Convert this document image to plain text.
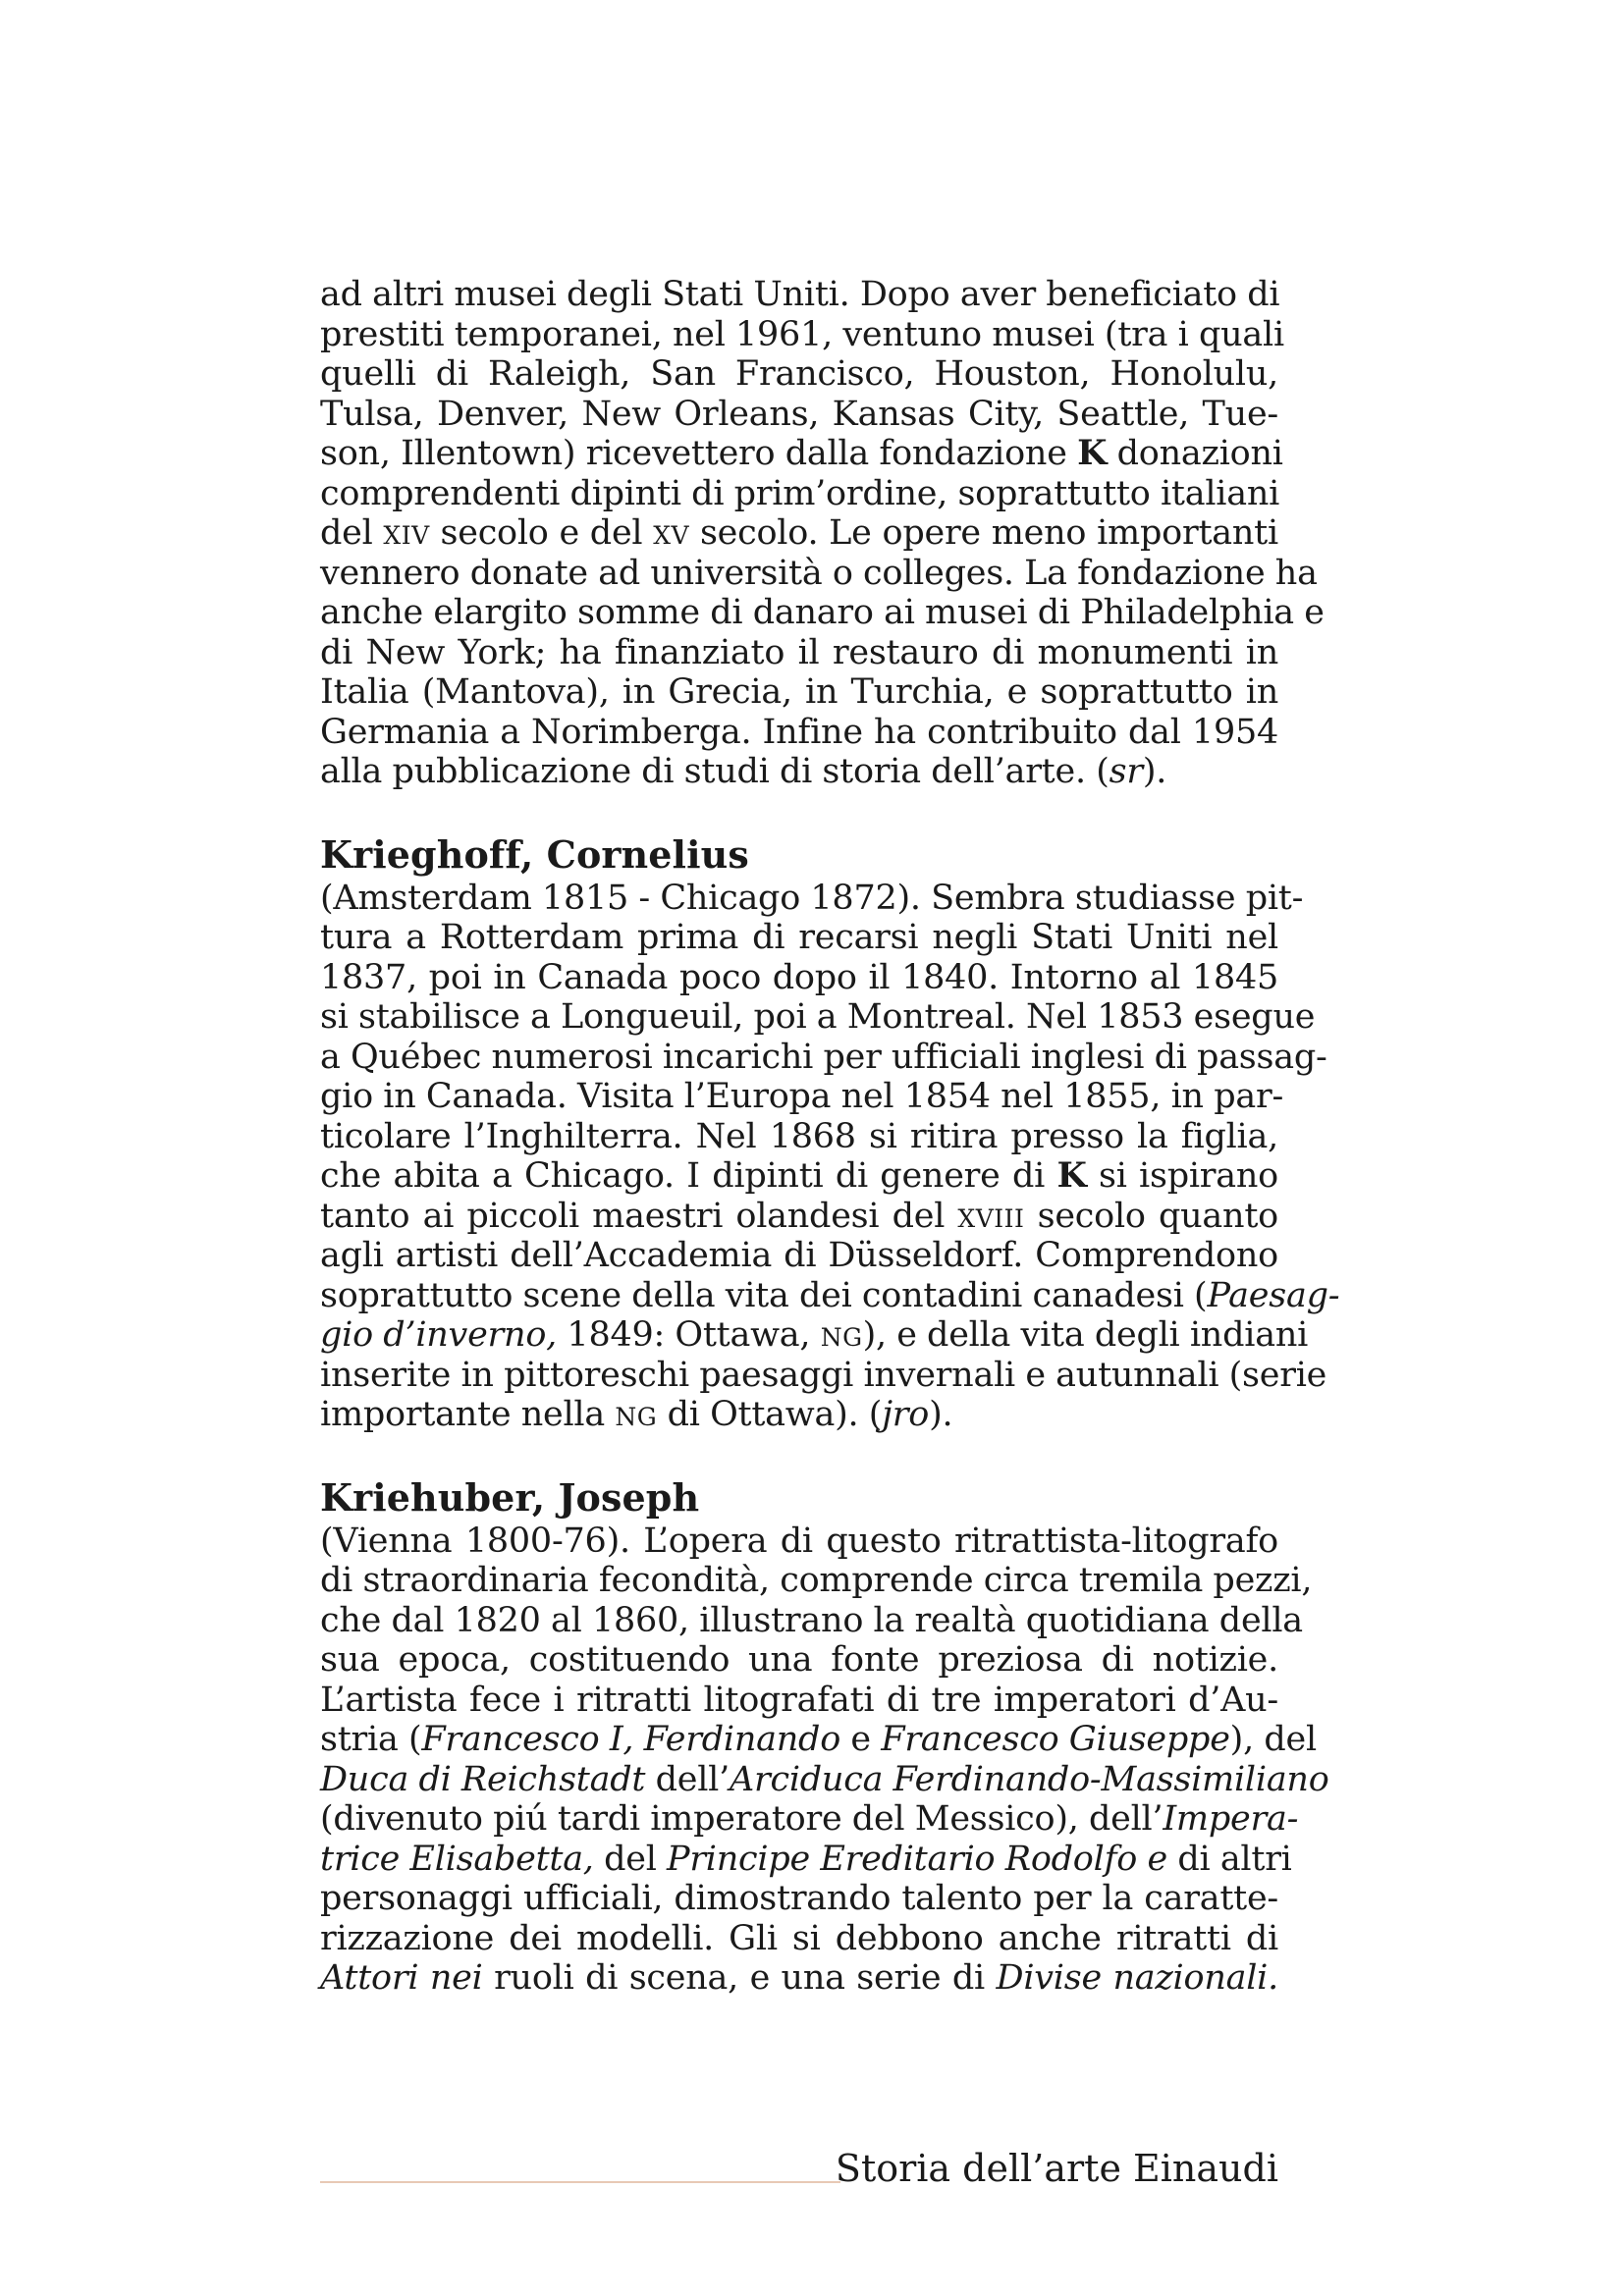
ad altri musei degli Stati Uniti. Dopo aver beneficiato di
prestiti temporanei, nel 1961, ventuno musei (tra i quali
quelli di Raleigh, San Francisco, Houston, Honolulu,
Tulsa, Denver, New Orleans, Kansas City, Seattle, Tue-
son, Illentown) ricevettero dalla fondazione K donazioni
comprendenti dipinti di prim’ordine, soprattutto italiani
del xiv secolo e del xv secolo. Le opere meno importanti
vennero donate ad università o colleges. La fondazione ha
anche elargito somme di danaro ai musei di Philadelphia e
di New York; ha finanziato il restauro di monumenti in
Italia (Mantova), in Grecia, in Turchia, e soprattutto in
Germania a Norimberga. Infine ha contribuito dal 1954
alla pubblicazione di studi di storia dell’arte. (sr).

Krieghoff, Cornelius

(Amsterdam 1815 - Chicago 1872). Sembra studiasse pit-
tura a Rotterdam prima di recarsi negli Stati Uniti nel
1837, poi in Canada poco dopo il 1840. Intorno al 1845
si stabilisce a Longueuil, poi a Montreal. Nel 1853 esegue
a Québec numerosi incarichi per ufficiali inglesi di passag-
gio in Canada. Visita l’Europa nel 1854 nel 1855, in par-
ticolare l’Inghilterra. Nel 1868 si ritira presso la figlia,
che abita a Chicago. I dipinti di genere di K si ispirano
tanto ai piccoli maestri olandesi del xviii secolo quanto
agli artisti dell’Accademia di Düsseldorf. Comprendono
soprattutto scene della vita dei contadini canadesi (Paesag-
gio d’inverno, 1849: Ottawa, ng), e della vita degli indiani
inserite in pittoreschi paesaggi invernali e autunnali (serie
importante nella ng di Ottawa). (jro).

Kriehuber, Joseph

(Vienna 1800-76). L’opera di questo ritrattista-litografo
di straordinaria fecondità, comprende circa tremila pezzi,
che dal 1820 al 1860, illustrano la realtà quotidiana della
sua epoca, costituendo una fonte preziosa di notizie.
L’artista fece i ritratti litografati di tre imperatori d’Au-
stria (Francesco I, Ferdinando e Francesco Giuseppe), del
Duca di Reichstadt dell’Arciduca Ferdinando-Massimiliano
(divenuto piú tardi imperatore del Messico), dell’Impera-
trice Elisabetta, del Principe Ereditario Rodolfo e di altri
personaggi ufficiali, dimostrando talento per la caratte-
rizzazione dei modelli. Gli si debbono anche ritratti di
Attori nei ruoli di scena, e una serie di Divise nazionali.

Storia dell’arte Einaudi
